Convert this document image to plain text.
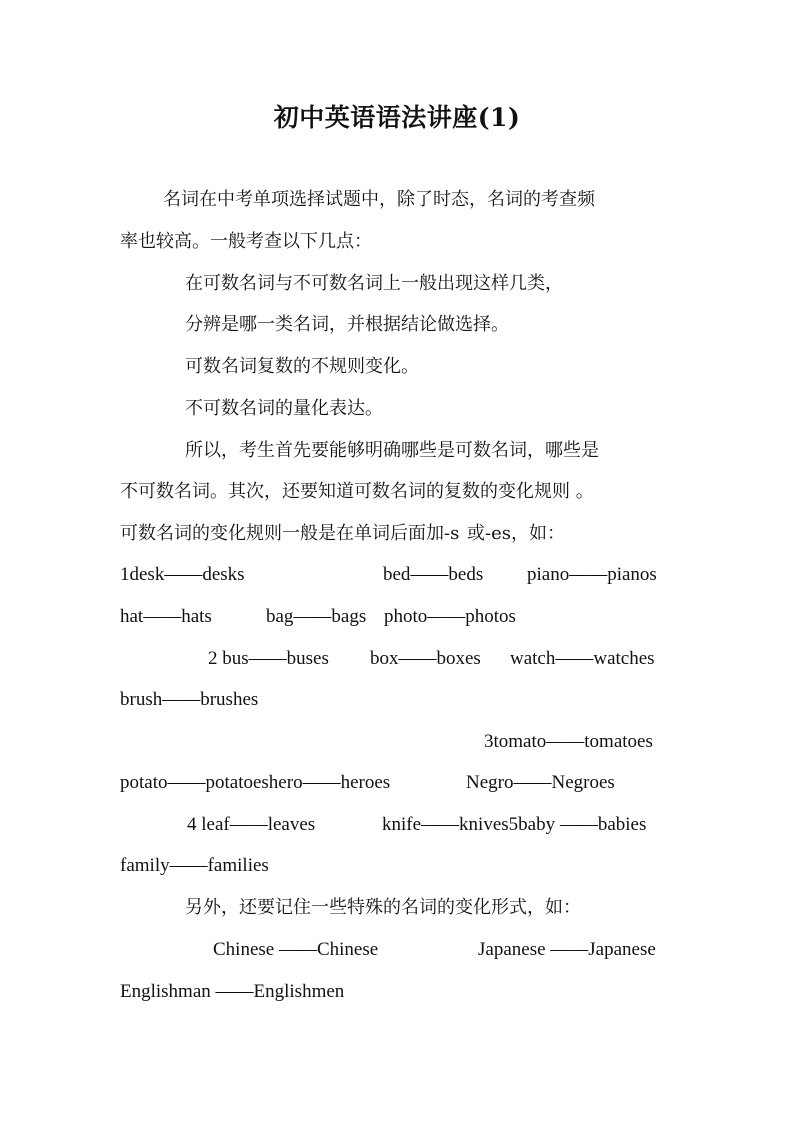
初中英语语法讲座(1)
名词在中考单项选择试题中，除了时态，名词的考查频
率也较高。一般考查以下几点：
在可数名词与不可数名词上一般出现这样几类，
分辨是哪一类名词，并根据结论做选择。
可数名词复数的不规则变化。
不可数名词的量化表达。
所以，考生首先要能够明确哪些是可数名词，哪些是
不可数名词。其次，还要知道可数名词的复数的变化规则 。
可数名词的变化规则一般是在单词后面加-s 或-es，如：
1desk——desks	bed——beds piano——pianos
hat——hats	bag——bags photo——photos
2 bus——buses box——boxes watch——watches
brush——brushes
3tomato——tomatoes
potato——potatoeshero——heroes	Negro——Negroes
4 leaf——leaves	knife——knives5baby ——babies
family——families
另外，还要记住一些特殊的名词的变化形式，如：
Chinese ——Chinese	Japanese ——Japanese
Englishman ——Englishmen
